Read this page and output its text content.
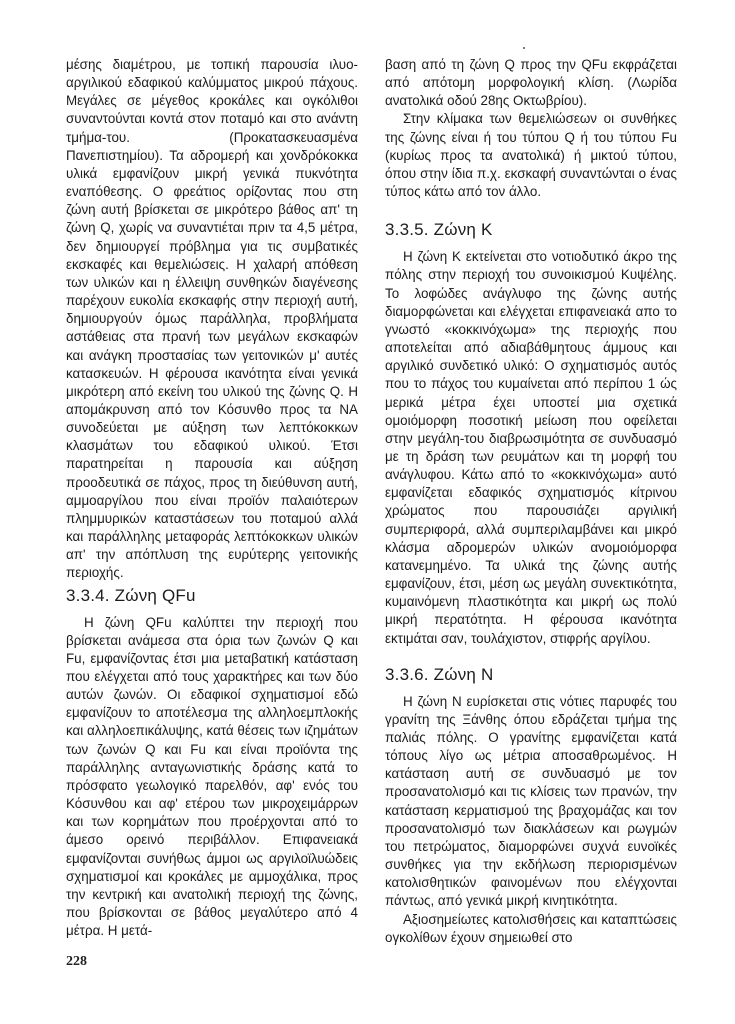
μέσης διαμέτρου, με τοπική παρουσία ιλυο-αργιλικού εδαφικού καλύμματος μικρού πάχους. Μεγάλες σε μέγεθος κροκάλες και ογκόλιθοι συναντούνται κοντά στον ποταμό και στο ανάντη τμήμα-του. (Προκατασκευασμένα Πανεπιστημίου). Τα αδρομερή και χονδρόκοκκα υλικά εμφανίζουν μικρή γενικά πυκνότητα εναπόθεσης. Ο φρεάτιος ορίζοντας που στη ζώνη αυτή βρίσκεται σε μικρότερο βάθος απ' τη ζώνη Q, χωρίς να συναντιέται πριν τα 4,5 μέτρα, δεν δημιουργεί πρόβλημα για τις συμβατικές εκσκαφές και θεμελιώσεις. Η χαλαρή απόθεση των υλικών και η έλλειψη συνθηκών διαγένεσης παρέχουν ευκολία εκσκαφής στην περιοχή αυτή, δημιουργούν όμως παράλληλα, προβλήματα αστάθειας στα πρανή των μεγάλων εκσκαφών και ανάγκη προστασίας των γειτονικών μ' αυτές κατασκευών. Η φέρουσα ικανότητα είναι γενικά μικρότερη από εκείνη του υλικού της ζώνης Q. Η απομάκρυνση από τον Κόσυνθο προς τα ΝΑ συνοδεύεται με αύξηση των λεπτόκοκκων κλασμάτων του εδαφικού υλικού. Έτσι παρατηρείται η παρουσία και αύξηση προοδευτικά σε πάχος, προς τη διεύθυνση αυτή, αμμοαργίλου που είναι προϊόν παλαιότερων πλημμυρικών καταστάσεων του ποταμού αλλά και παράλληλης μεταφοράς λεπτόκοκκων υλικών απ' την απόπλυση της ευρύτερης γειτονικής περιοχής.

3.3.4. Ζώνη QFu

Η ζώνη QFu καλύπτει την περιοχή που βρίσκεται ανάμεσα στα όρια των ζωνών Q και Fu, εμφανίζοντας έτσι μια μεταβατική κατάσταση που ελέγχεται από τους χαρακτήρες και των δύο αυτών ζωνών. Οι εδαφικοί σχηματισμοί εδώ εμφανίζουν το αποτέλεσμα της αλληλοεμπλοκής και αλληλοεπικάλυψης, κατά θέσεις των ιζημάτων των ζωνών Q και Fu και είναι προϊόντα της παράλληλης ανταγωνιστικής δράσης κατά το πρόσφατο γεωλογικό παρελθόν, αφ' ενός του Κόσυνθου και αφ' ετέρου των μικροχειμάρρων και των κορημάτων που προέρχονται από το άμεσο ορεινό περιβάλλον. Επιφανειακά εμφανίζονται συνήθως άμμοι ως αργιλοϊλυώδεις σχηματισμοί και κροκάλες με αμμοχάλικα, προς την κεντρική και ανατολική περιοχή της ζώνης, που βρίσκονται σε βάθος μεγαλύτερο από 4 μέτρα. Η μετά-

βαση από τη ζώνη Q προς την QFu εκφράζεται από απότομη μορφολογική κλίση. (Λωρίδα ανατολικά οδού 28ης Οκτωβρίου).

Στην κλίμακα των θεμελιώσεων οι συνθήκες της ζώνης είναι ή του τύπου Q ή του τύπου Fu (κυρίως προς τα ανατολικά) ή μικτού τύπου, όπου στην ίδια π.χ. εκσκαφή συναντώνται ο ένας τύπος κάτω από τον άλλο.

3.3.5. Ζώνη Κ

Η ζώνη Κ εκτείνεται στο νοτιοδυτικό άκρο της πόλης στην περιοχή του συνοικισμού Κυψέλης. Το λοφώδες ανάγλυφο της ζώνης αυτής διαμορφώνεται και ελέγχεται επιφανειακά απο το γνωστό «κοκκινόχωμα» της περιοχής που αποτελείται από αδιαβάθμητους άμμους και αργιλικό συνδετικό υλικό: Ο σχηματισμός αυτός που το πάχος του κυμαίνεται από περίπου 1 ώς μερικά μέτρα έχει υποστεί μια σχετικά ομοιόμορφη ποσοτική μείωση που οφείλεται στην μεγάλη-του διαβρωσιμότητα σε συνδυασμό με τη δράση των ρευμάτων και τη μορφή του ανάγλυφου. Κάτω από το «κοκκινόχωμα» αυτό εμφανίζεται εδαφικός σχηματισμός κίτρινου χρώματος που παρουσιάζει αργιλική συμπεριφορά, αλλά συμπεριλαμβάνει και μικρό κλάσμα αδρομερών υλικών ανομοιόμορφα κατανεμημένο. Τα υλικά της ζώνης αυτής εμφανίζουν, έτσι, μέση ως μεγάλη συνεκτικότητα, κυμαινόμενη πλαστικότητα και μικρή ως πολύ μικρή περατότητα. Η φέρουσα ικανότητα εκτιμάται σαν, τουλάχιστον, στιφρής αργίλου.

3.3.6. Ζώνη Ν

Η ζώνη Ν ευρίσκεται στις νότιες παρυφές του γρανίτη της Ξάνθης όπου εδράζεται τμήμα της παλιάς πόλης. Ο γρανίτης εμφανίζεται κατά τόπους λίγο ως μέτρια αποσαθρωμένος. Η κατάσταση αυτή σε συνδυασμό με τον προσανατολισμό και τις κλίσεις των πρανών, την κατάσταση κερματισμού της βραχομάζας και τον προσανατολισμό των διακλάσεων και ρωγμών του πετρώματος, διαμορφώνει συχνά ευνοϊκές συνθήκες για την εκδήλωση περιορισμένων κατολισθητικών φαινομένων που ελέγχονται πάντως, από γενικά μικρή κινητικότητα.

Αξιοσημείωτες κατολισθήσεις και καταπτώσεις ογκολίθων έχουν σημειωθεί στο

228
